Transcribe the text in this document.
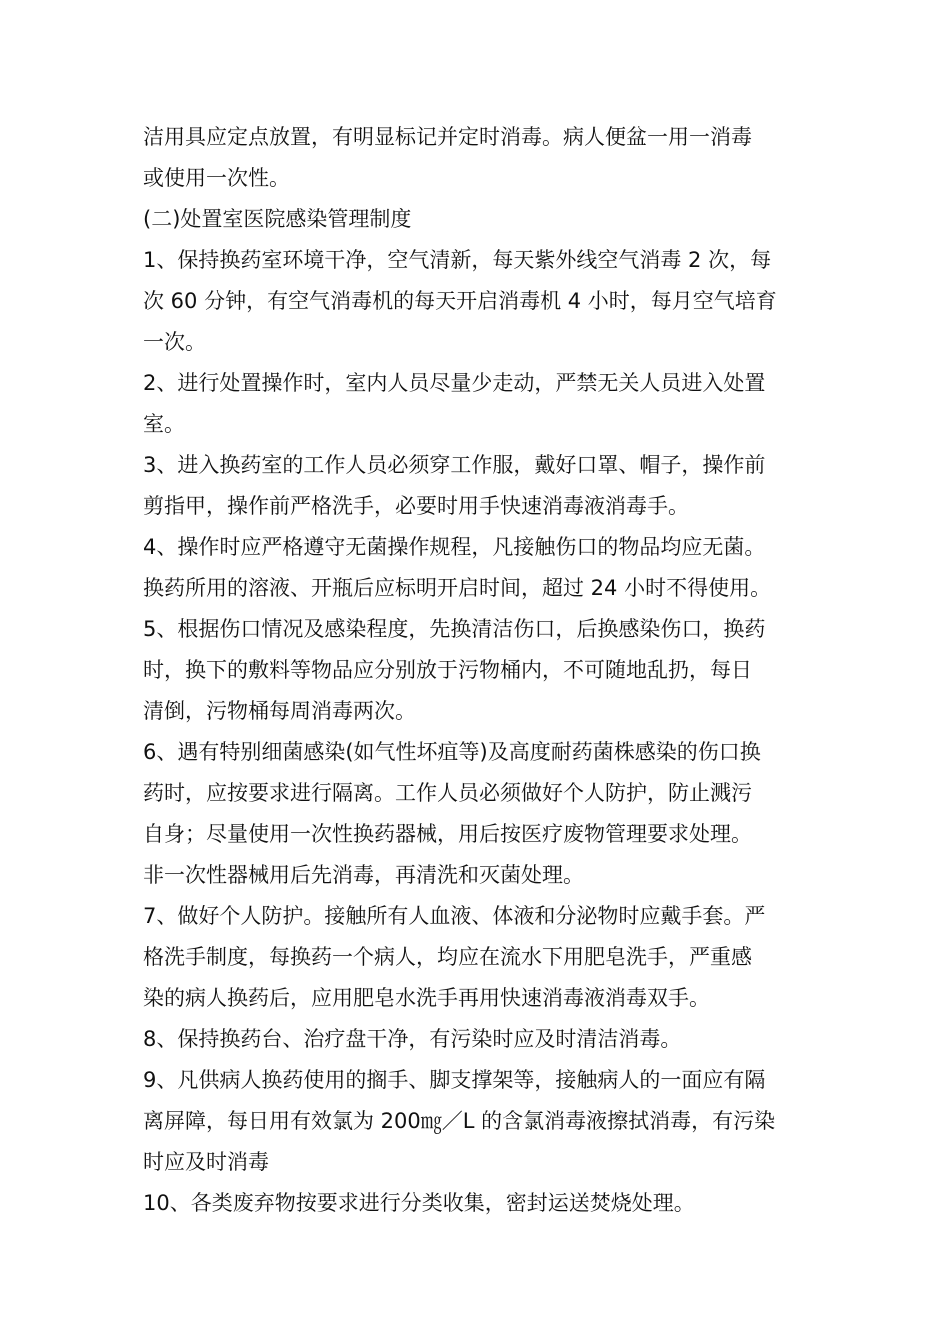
洁用具应定点放置，有明显标记并定时消毒。病人便盆一用一消毒
或使用一次性。
(二)处置室医院感染管理制度
1、保持换药室环境干净，空气清新，每天紫外线空气消毒 2 次，每
次 60 分钟，有空气消毒机的每天开启消毒机 4 小时，每月空气培育
一次。
2、进行处置操作时，室内人员尽量少走动，严禁无关人员进入处置
室。
3、进入换药室的工作人员必须穿工作服，戴好口罩、帽子，操作前
剪指甲，操作前严格洗手，必要时用手快速消毒液消毒手。
4、操作时应严格遵守无菌操作规程，凡接触伤口的物品均应无菌。
换药所用的溶液、开瓶后应标明开启时间，超过 24 小时不得使用。
5、根据伤口情况及感染程度，先换清洁伤口，后换感染伤口，换药
时，换下的敷料等物品应分别放于污物桶内，不可随地乱扔，每日
清倒，污物桶每周消毒两次。
6、遇有特别细菌感染(如气性坏疽等)及高度耐药菌株感染的伤口换
药时，应按要求进行隔离。工作人员必须做好个人防护，防止溅污
自身；尽量使用一次性换药器械，用后按医疗废物管理要求处理。
非一次性器械用后先消毒，再清洗和灭菌处理。
7、做好个人防护。接触所有人血液、体液和分泌物时应戴手套。严
格洗手制度，每换药一个病人，均应在流水下用肥皂洗手，严重感
染的病人换药后，应用肥皂水洗手再用快速消毒液消毒双手。
8、保持换药台、治疗盘干净，有污染时应及时清洁消毒。
9、凡供病人换药使用的搁手、脚支撑架等，接触病人的一面应有隔
离屏障，每日用有效氯为 200㎎／L 的含氯消毒液擦拭消毒，有污染
时应及时消毒
10、各类废弃物按要求进行分类收集，密封运送焚烧处理。
